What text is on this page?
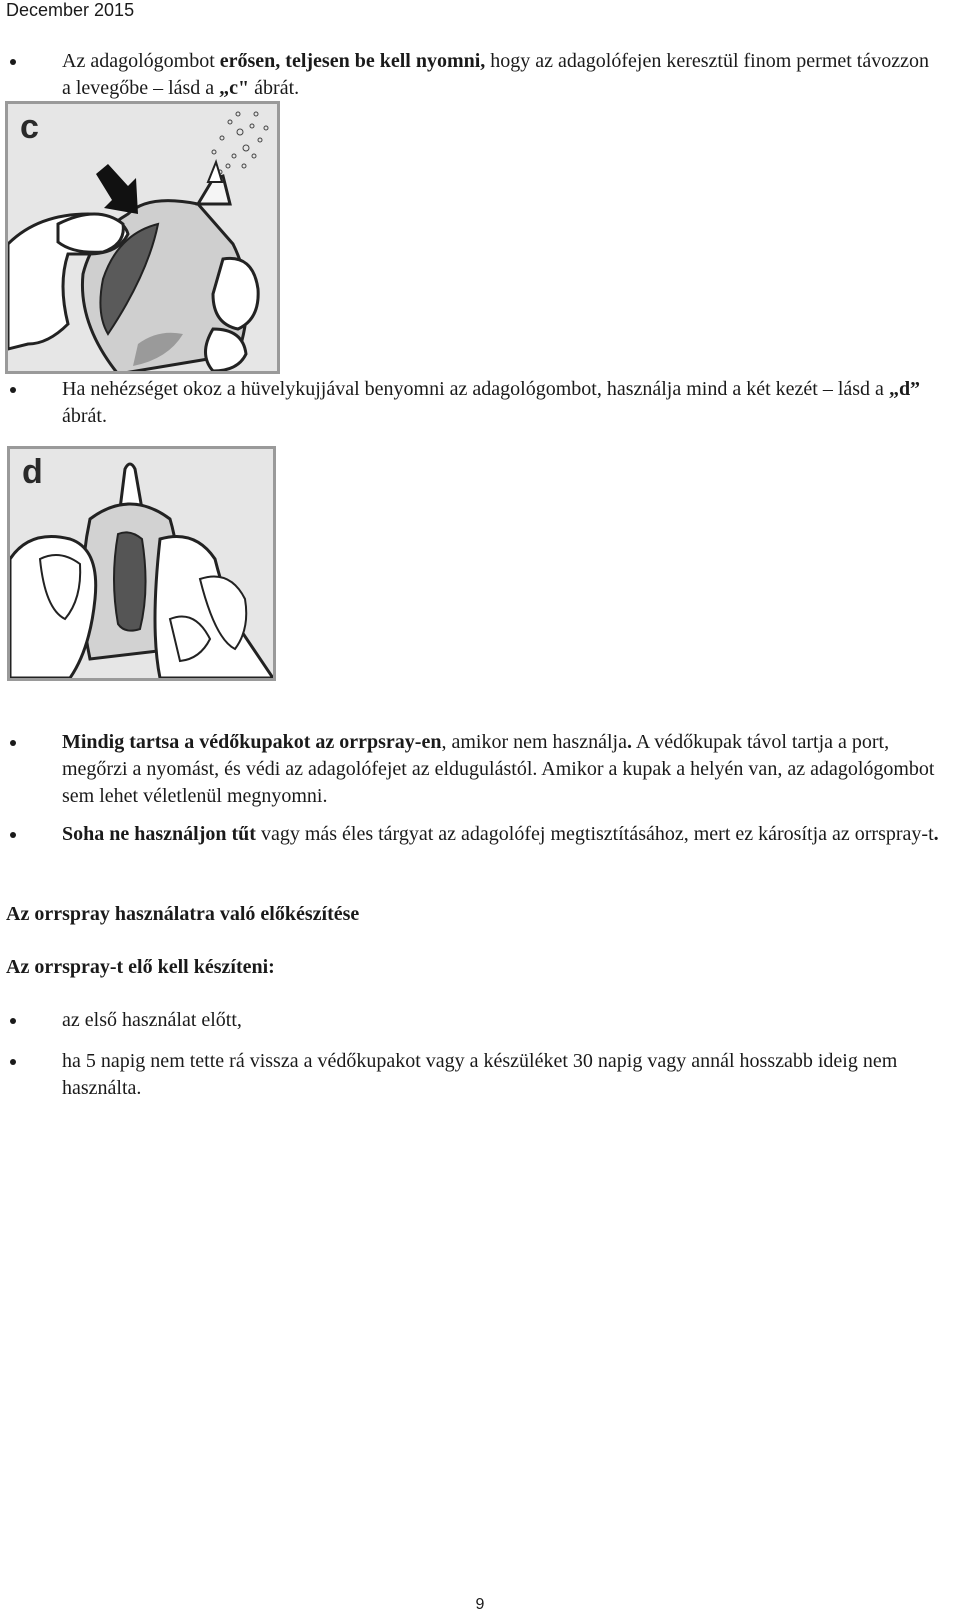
December 2015
Az adagológombot erősen, teljesen be kell nyomni, hogy az adagolófejen keresztül finom permet távozzon a levegőbe – lásd a „c" ábrát.
c
Ha nehézséget okoz a hüvelykujjával benyomni az adagológombot, használja mind a két kezét – lásd a „d” ábrát.
d
Mindig tartsa a védőkupakot az orrpsray-en, amikor nem használja. A védőkupak távol tartja a port, megőrzi a nyomást, és védi az adagolófejet az eldugulástól. Amikor a kupak a helyén van, az adagológombot sem lehet véletlenül megnyomni.
Soha ne használjon tűt vagy más éles tárgyat az adagolófej megtisztításához, mert ez károsítja az orrspray-t.
Az orrspray használatra való előkészítése
Az orrspray-t elő kell készíteni:
az első használat előtt,
ha 5 napig nem tette rá vissza a védőkupakot vagy a készüléket 30 napig vagy annál hosszabb ideig nem használta.
9
